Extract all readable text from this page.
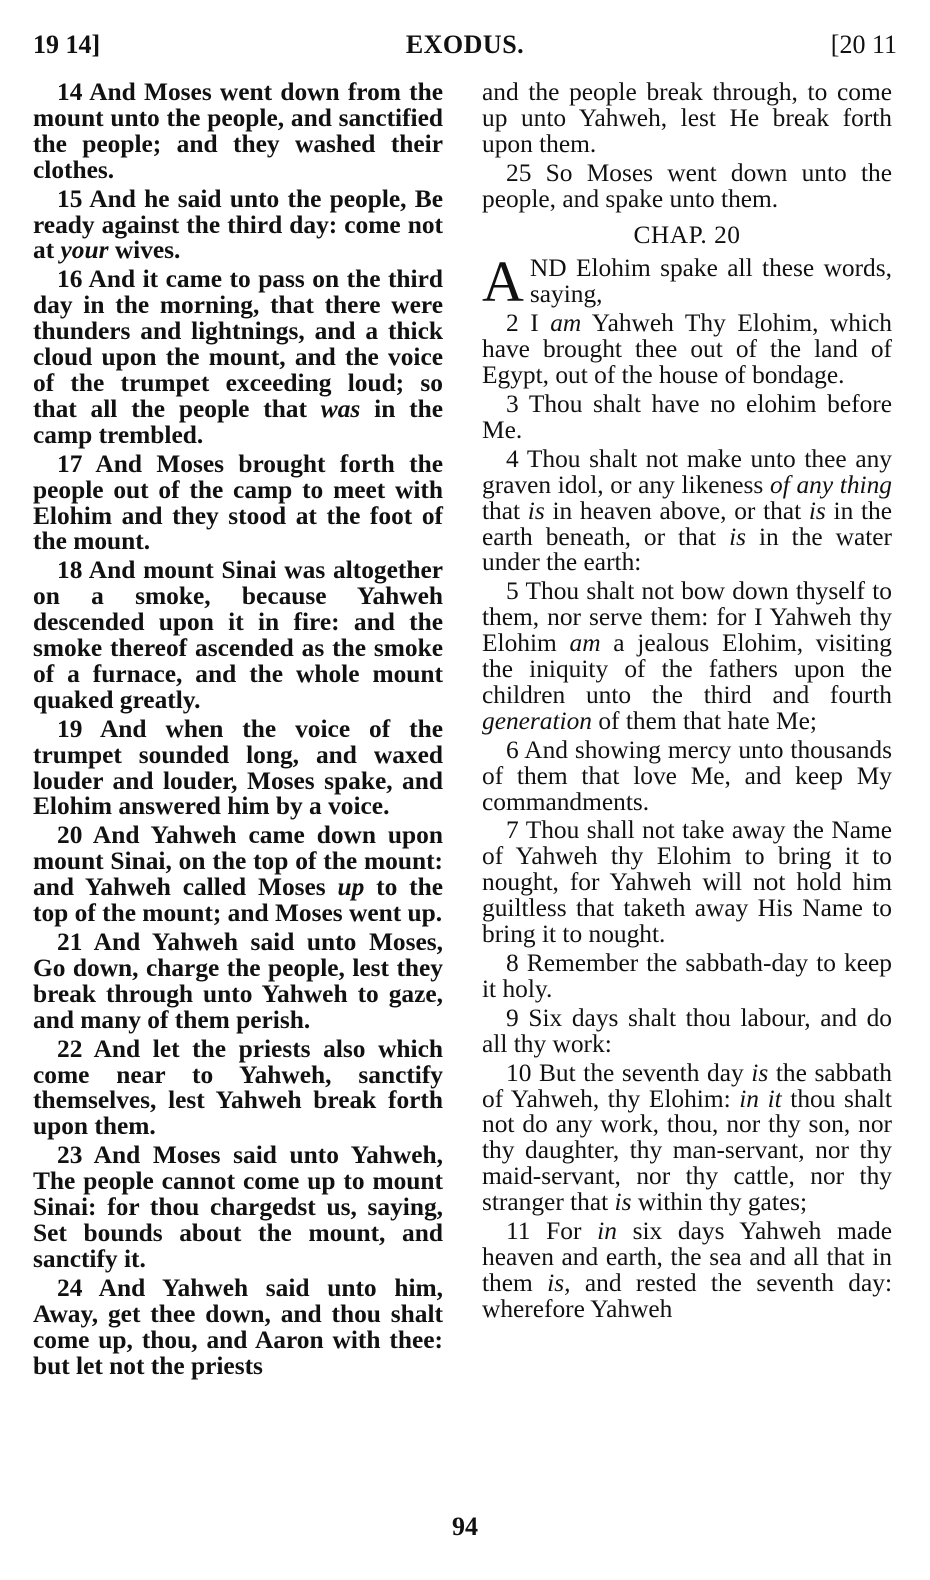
19 14]	EXODUS.	[20 11

14 And Moses went down from the mount unto the people, and sanctified the people; and they washed their clothes.

15 And he said unto the people, Be ready against the third day: come not at your wives.

16 And it came to pass on the third day in the morning, that there were thunders and lightnings, and a thick cloud upon the mount, and the voice of the trumpet exceeding loud; so that all the people that was in the camp trembled.

17 And Moses brought forth the people out of the camp to meet with Elohim and they stood at the foot of the mount.

18 And mount Sinai was altogether on a smoke, because Yahweh descended upon it in fire: and the smoke thereof ascended as the smoke of a furnace, and the whole mount quaked greatly.

19 And when the voice of the trumpet sounded long, and waxed louder and louder, Moses spake, and Elohim answered him by a voice.

20 And Yahweh came down upon mount Sinai, on the top of the mount: and Yahweh called Moses up to the top of the mount; and Moses went up.

21 And Yahweh said unto Moses, Go down, charge the people, lest they break through unto Yahweh to gaze, and many of them perish.

22 And let the priests also which come near to Yahweh, sanctify themselves, lest Yahweh break forth upon them.

23 And Moses said unto Yahweh, The people cannot come up to mount Sinai: for thou chargedst us, saying, Set bounds about the mount, and sanctify it.

24 And Yahweh said unto him, Away, get thee down, and thou shalt come up, thou, and Aaron with thee: but let not the priests

and the people break through, to come up unto Yahweh, lest He break forth upon them.

25 So Moses went down unto the people, and spake unto them.

CHAP. 20

AND Elohim spake all these words, saying,

2 I am Yahweh Thy Elohim, which have brought thee out of the land of Egypt, out of the house of bondage.

3 Thou shalt have no elohim before Me.

4 Thou shalt not make unto thee any graven idol, or any likeness of any thing that is in heaven above, or that is in the earth beneath, or that is in the water under the earth:

5 Thou shalt not bow down thyself to them, nor serve them: for I Yahweh thy Elohim am a jealous Elohim, visiting the iniquity of the fathers upon the children unto the third and fourth generation of them that hate Me;

6 And showing mercy unto thousands of them that love Me, and keep My commandments.

7 Thou shall not take away the Name of Yahweh thy Elohim to bring it to nought, for Yahweh will not hold him guiltless that taketh away His Name to bring it to nought.

8 Remember the sabbath-day to keep it holy.

9 Six days shalt thou labour, and do all thy work:

10 But the seventh day is the sabbath of Yahweh, thy Elohim: in it thou shalt not do any work, thou, nor thy son, nor thy daughter, thy man-servant, nor thy maid-servant, nor thy cattle, nor thy stranger that is within thy gates;

11 For in six days Yahweh made heaven and earth, the sea and all that in them is, and rested the seventh day: wherefore Yahweh

94
